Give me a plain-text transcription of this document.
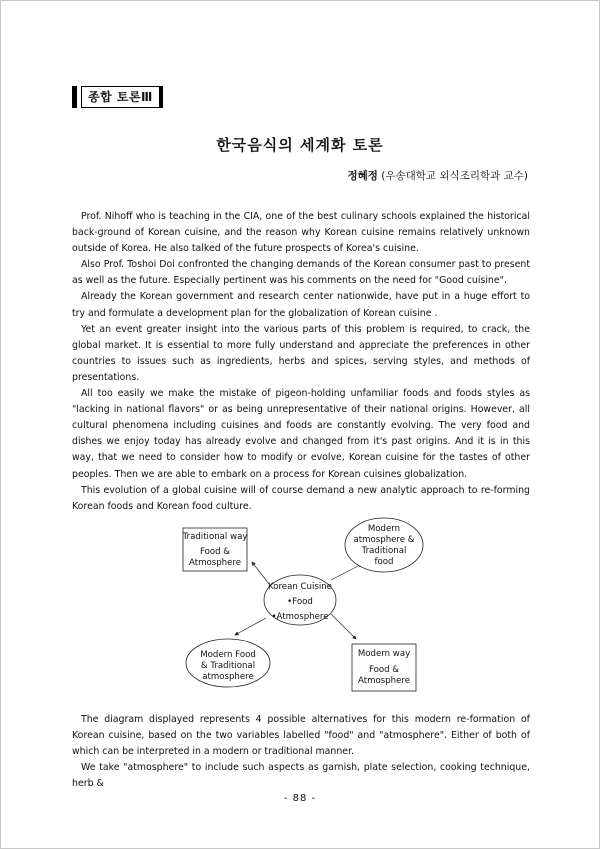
종합 토론Ⅲ
한국음식의 세계화 토론
정혜정 (우송대학교 외식조리학과 교수)

Prof. Nihoff who is teaching in the CIA, one of the best culinary schools explained the historical back-ground of Korean cuisine, and the reason why Korean cuisine remains relatively unknown outside of Korea. He also talked of the future prospects of Korea's cuisine.

Also Prof. Toshoi Doi confronted the changing demands of the Korean consumer past to present as well as the future. Especially pertinent was his comments on the need for "Good cuisine".

Already the Korean government and research center nationwide, have put in a huge effort to try and formulate a development plan for the globalization of Korean cuisine .

Yet an event greater insight into the various parts of this problem is required, to crack, the global market. It is essential to more fully understand and appreciate the preferences in other countries to issues such as ingredients, herbs and spices, serving styles, and methods of presentations.

All too easily we make the mistake of pigeon-holding unfamiliar foods and foods styles as "lacking in national flavors" or as being unrepresentative of their national origins. However, all cultural phenomena including cuisines and foods are constantly evolving. The very food and dishes we enjoy today has already evolve and changed from it's past origins. And it is in this way, that we need to consider how to modify or evolve, Korean cuisine for the tastes of other peoples. Then we are able to embark on a process for Korean cuisines globalization.

This evolution of a global cuisine will of course demand a new analytic approach to re-forming Korean foods and Korean food culture.

Korean Cuisine
•Food
•Atmosphere
Traditional way
Food &
Atmosphere
Modern
atmosphere &
Traditional
food
Modern Food
& Traditional
atmosphere
Modern way
Food &
Atmosphere

The diagram displayed represents 4 possible alternatives for this modern re-formation of Korean cuisine, based on the two variables labelled "food" and "atmosphere". Either of both of which can be interpreted in a modern or traditional manner.

We take "atmosphere" to include such aspects as garnish, plate selection, cooking technique, herb &

- 88 -
